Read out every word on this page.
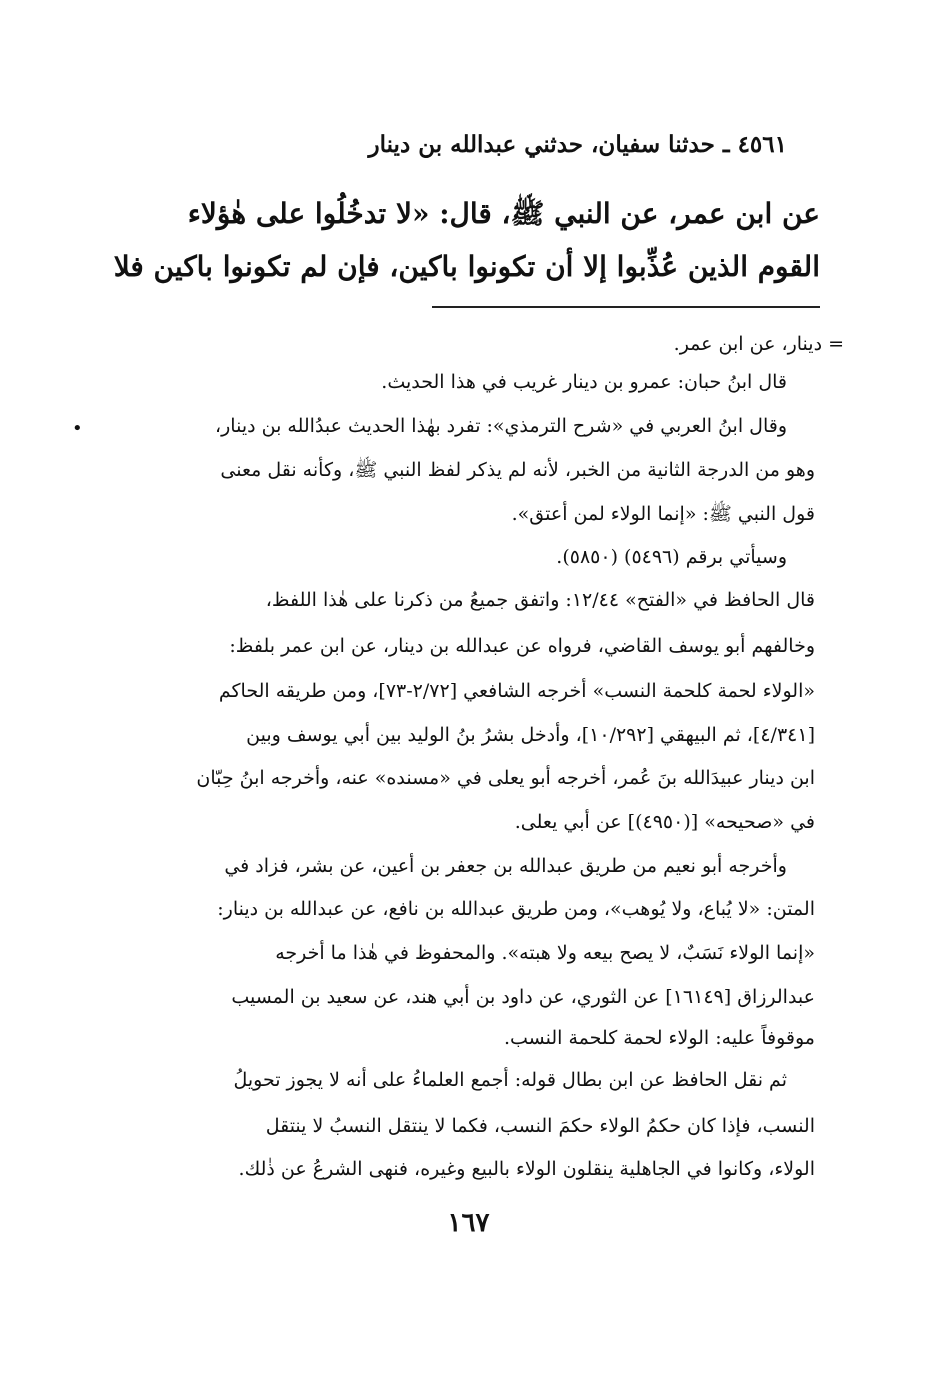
٤٥٦١ ـ حدثنا سفيان، حدثني عبدالله بن دينار
عن ابن عمر، عن النبي ﷺ، قال: «لا تدخُلُوا على هٰؤلاء
القوم الذين عُذِّبوا إلا أن تكونوا باكين، فإن لم تكونوا باكين فلا
= دينار، عن ابن عمر.
قال ابنُ حبان: عمرو بن دينار غريب في هذا الحديث.
وقال ابنُ العربي في «شرح الترمذي»: تفرد بهٰذا الحديث عبدُالله بن دينار،
وهو من الدرجة الثانية من الخبر، لأنه لم يذكر لفظ النبي ﷺ، وكأنه نقل معنى
قول النبي ﷺ: «إنما الولاء لمن أعتق».
وسيأتي برقم (٥٤٩٦) (٥٨٥٠).
قال الحافظ في «الفتح» ١٢/٤٤: واتفق جميعُ من ذكرنا على هٰذا اللفظ،
وخالفهم أبو يوسف القاضي، فرواه عن عبدالله بن دينار، عن ابن عمر بلفظ:
«الولاء لحمة كلحمة النسب» أخرجه الشافعي [٢/٧٢-٧٣]، ومن طريقه الحاكم
[٤/٣٤١]، ثم البيهقي [١٠/٢٩٢]، وأدخل بشرُ بنُ الوليد بين أبي يوسف وبين
ابن دينار عبيدَالله بنَ عُمر، أخرجه أبو يعلى في «مسنده» عنه، وأخرجه ابنُ حِبّان
في «صحيحه» [(٤٩٥٠)] عن أبي يعلى.
وأخرجه أبو نعيم من طريق عبدالله بن جعفر بن أعين، عن بشر، فزاد في
المتن: «لا يُباع، ولا يُوهب»، ومن طريق عبدالله بن نافع، عن عبدالله بن دينار:
«إنما الولاء نَسَبٌ، لا يصح بيعه ولا هبته». والمحفوظ في هٰذا ما أخرجه
عبدالرزاق [١٦١٤٩] عن الثوري، عن داود بن أبي هند، عن سعيد بن المسيب
موقوفاً عليه: الولاء لحمة كلحمة النسب.
ثم نقل الحافظ عن ابن بطال قوله: أجمع العلماءُ على أنه لا يجوز تحويلُ
النسب، فإذا كان حكمُ الولاء حكمَ النسب، فكما لا ينتقل النسبُ لا ينتقل
الولاء، وكانوا في الجاهلية ينقلون الولاء بالبيع وغيره، فنهى الشرعُ عن ذٰلك.
•
١٦٧
